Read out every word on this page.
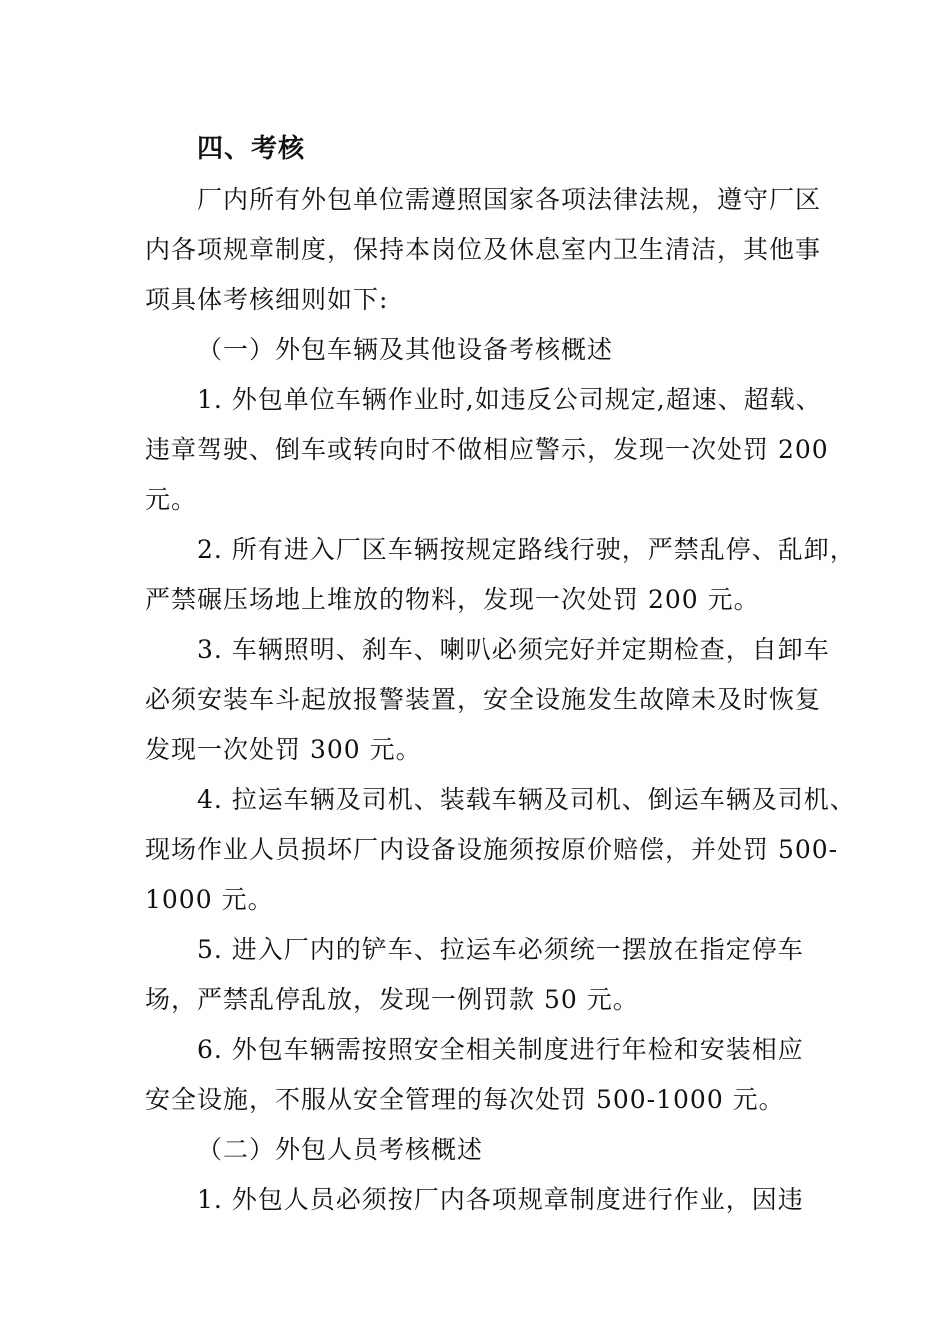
四、考核
厂内所有外包单位需遵照国家各项法律法规，遵守厂区
内各项规章制度，保持本岗位及休息室内卫生清洁，其他事
项具体考核细则如下:
（一）外包车辆及其他设备考核概述
1. 外包单位车辆作业时,如违反公司规定,超速、超载、
违章驾驶、倒车或转向时不做相应警示，发现一次处罚 200
元。
2. 所有进入厂区车辆按规定路线行驶，严禁乱停、乱卸，
严禁碾压场地上堆放的物料，发现一次处罚 200 元。
3. 车辆照明、刹车、喇叭必须完好并定期检查，自卸车
必须安装车斗起放报警装置，安全设施发生故障未及时恢复
发现一次处罚 300 元。
4. 拉运车辆及司机、装载车辆及司机、倒运车辆及司机、
现场作业人员损坏厂内设备设施须按原价赔偿，并处罚 500-
1000 元。
5. 进入厂内的铲车、拉运车必须统一摆放在指定停车
场，严禁乱停乱放，发现一例罚款 50 元。
6. 外包车辆需按照安全相关制度进行年检和安装相应
安全设施，不服从安全管理的每次处罚 500-1000 元。
（二）外包人员考核概述
1. 外包人员必须按厂内各项规章制度进行作业，因违
